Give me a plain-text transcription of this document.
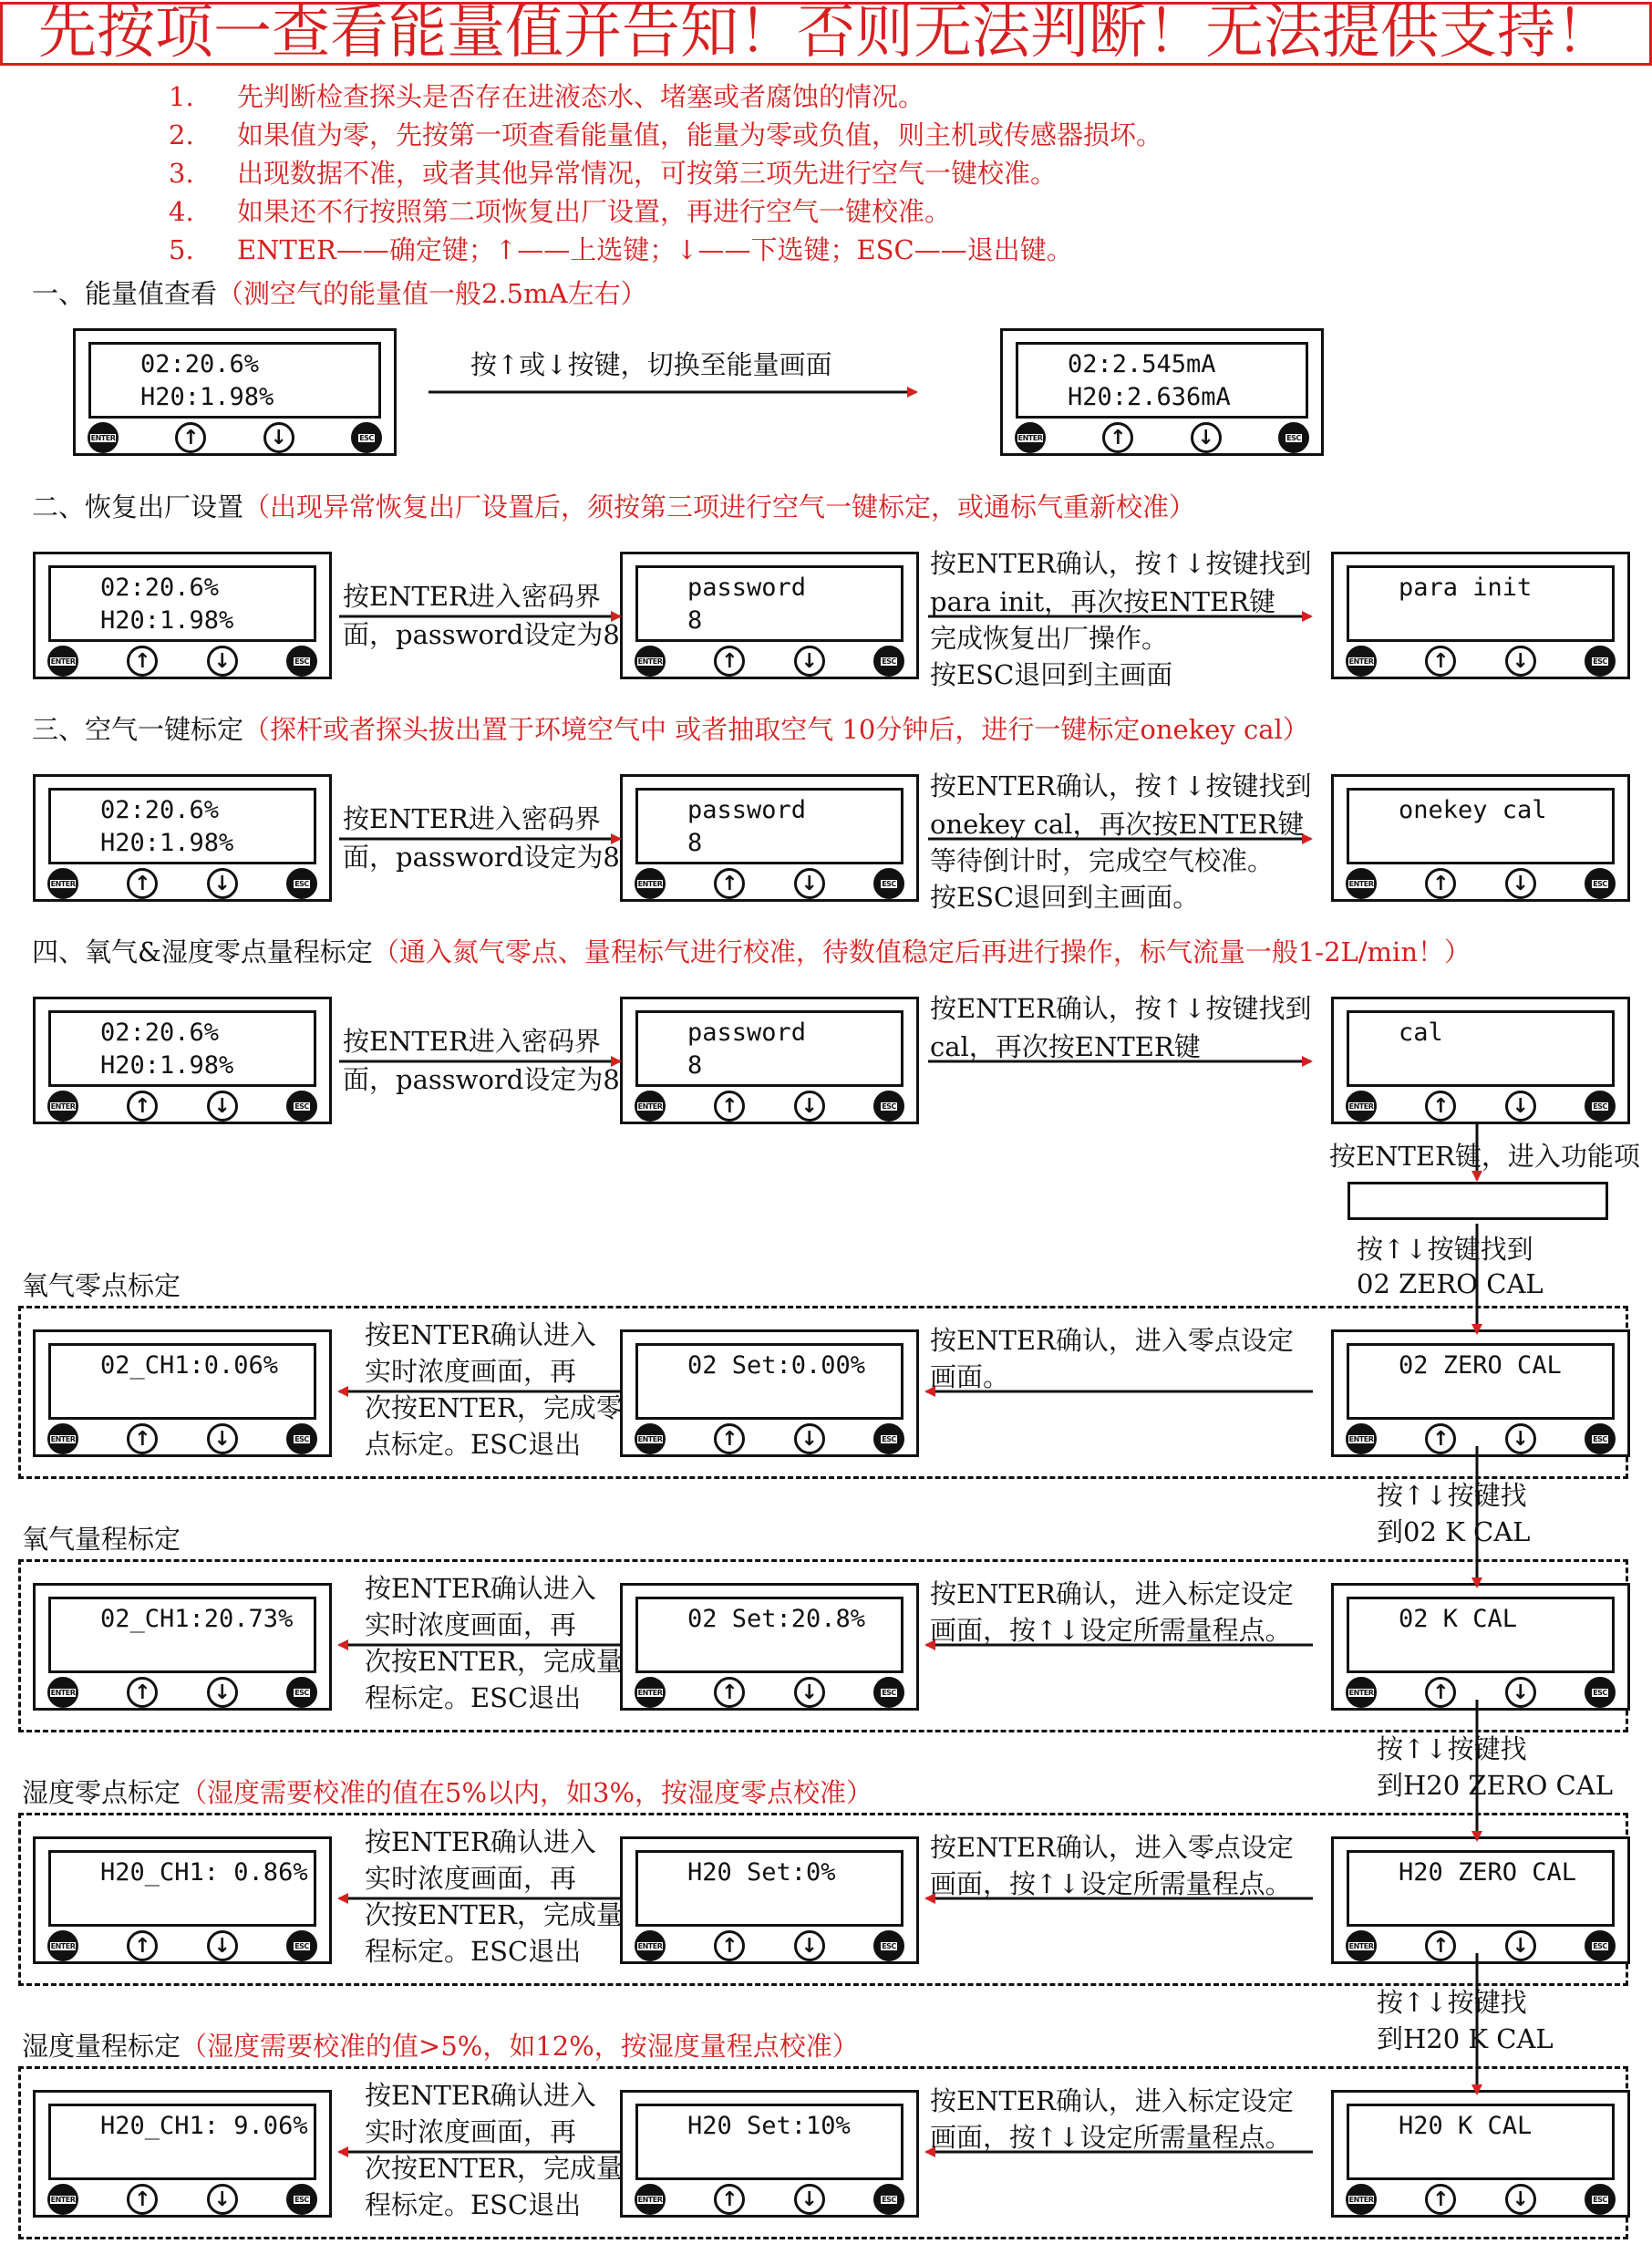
先按项一查看能量值并告知！否则无法判断！无法提供支持！
1. 先判断检查探头是否存在进液态水、堵塞或者腐蚀的情况。
2. 如果值为零，先按第一项查看能量值，能量为零或负值，则主机或传感器损坏。
3. 出现数据不准，或者其他异常情况，可按第三项先进行空气一键校准。
4. 如果还不行按照第二项恢复出厂设置，再进行空气一键校准。
5. ENTER——确定键；↑——上选键；↓——下选键；ESC——退出键。
一、能量值查看（测空气的能量值一般2.5mA左右）
二、恢复出厂设置（出现异常恢复出厂设置后，须按第三项进行空气一键标定，或通标气重新校准）
三、空气一键标定（探杆或者探头拔出置于环境空气中 或者抽取空气 10分钟后，进行一键标定onekey cal）
四、氧气&湿度零点量程标定（通入氮气零点、量程标气进行校准，待数值稳定后再进行操作，标气流量一般1-2L/min！）
氧气零点标定
氧气量程标定
湿度零点标定（湿度需要校准的值在5%以内，如3%，按湿度零点校准）
湿度量程标定（湿度需要校准的值>5%，如12%，按湿度量程点校准）
02:20.6%
H20:1.98%
ENTER	↑	↓	ESC
02:2.545mA
H20:2.636mA
ENTER	↑	↓	ESC
02:20.6%
H20:1.98%
ENTER	↑	↓	ESC
password
8
ENTER	↑	↓	ESC
para init
ENTER	↑	↓	ESC
02:20.6%
H20:1.98%
ENTER	↑	↓	ESC
password
8
ENTER	↑	↓	ESC
onekey cal
ENTER	↑	↓	ESC
02:20.6%
H20:1.98%
ENTER	↑	↓	ESC
password
8
ENTER	↑	↓	ESC
cal
ENTER	↑	↓	ESC
02_CH1:0.06%
ENTER	↑	↓	ESC
02 Set:0.00%
ENTER	↑	↓	ESC
02 ZERO CAL
ENTER	↑	↓	ESC
02_CH1:20.73%
ENTER	↑	↓	ESC
02 Set:20.8%
ENTER	↑	↓	ESC
02 K CAL
ENTER	↑	↓	ESC
H20_CH1: 0.86%
ENTER	↑	↓	ESC
H20 Set:0%
ENTER	↑	↓	ESC
H20 ZERO CAL
ENTER	↑	↓	ESC
H20_CH1: 9.06%
ENTER	↑	↓	ESC
H20 Set:10%
ENTER	↑	↓	ESC
H20 K CAL
ENTER	↑	↓	ESC
按↑或↓按键，切换至能量画面
按ENTER进入密码界
面，password设定为8
按ENTER确认，按↑↓按键找到
para init，再次按ENTER键
完成恢复出厂操作。
按ESC退回到主画面
按ENTER进入密码界
面，password设定为8
按ENTER确认，按↑↓按键找到
onekey cal，再次按ENTER键
等待倒计时，完成空气校准。
按ESC退回到主画面。
按ENTER进入密码界
面，password设定为8
按ENTER确认，按↑↓按键找到
cal，再次按ENTER键
按ENTER键，进入功能项
按↑↓按键找到
02 ZERO CAL
按↑↓按键找
到02 K CAL
按↑↓按键找
到H20 ZERO CAL
按↑↓按键找
到H20 K CAL
按ENTER确认，进入零点设定
画面。
按ENTER确认进入
实时浓度画面，再
次按ENTER，完成零
点标定。ESC退出
按ENTER确认，进入标定设定
画面，按↑↓设定所需量程点。
按ENTER确认进入
实时浓度画面，再
次按ENTER，完成量
程标定。ESC退出
按ENTER确认，进入零点设定
画面，按↑↓设定所需量程点。
按ENTER确认进入
实时浓度画面，再
次按ENTER，完成量
程标定。ESC退出
按ENTER确认，进入标定设定
画面，按↑↓设定所需量程点。
按ENTER确认进入
实时浓度画面，再
次按ENTER，完成量
程标定。ESC退出
